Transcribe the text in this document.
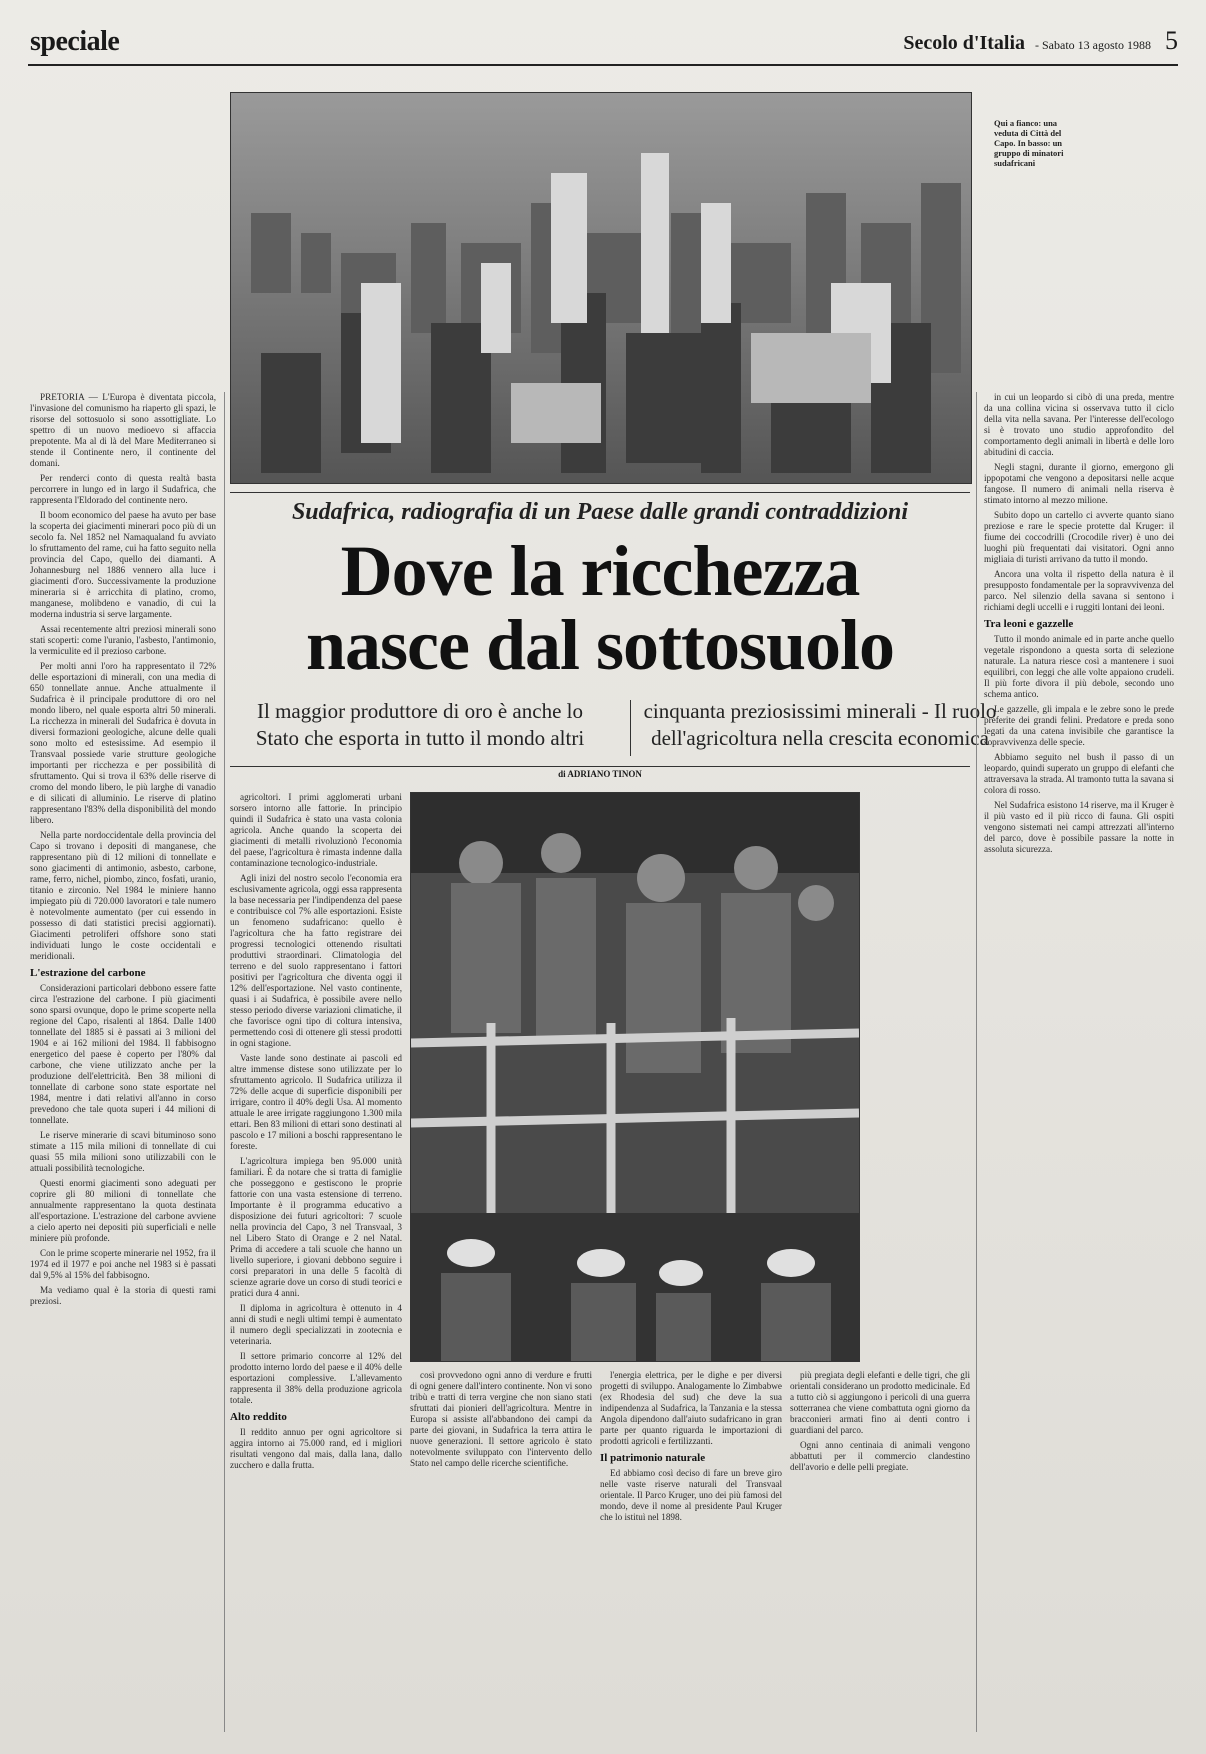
speciale	Secolo d'Italia - Sabato 13 agosto 1988 5
Qui a fianco: una veduta di Città del Capo. In basso: un gruppo di minatori sudafricani
Sudafrica, radiografia di un Paese dalle grandi contraddizioni
Dove la ricchezza
nasce dal sottosuolo
Il maggior produttore di oro è anche lo Stato che esporta in tutto il mondo altri
cinquanta preziosissimi minerali - Il ruolo dell'agricoltura nella crescita economica
di ADRIANO TINON

PRETORIA — L'Europa è diventata piccola, l'invasione del comunismo ha riaperto gli spazi, le risorse del sottosuolo si sono assottigliate. Lo spettro di un nuovo medioevo si affaccia prepotente. Ma al di là del Mare Mediterraneo si stende il Continente nero, il continente del domani.

Per renderci conto di questa realtà basta percorrere in lungo ed in largo il Sudafrica, che rappresenta l'Eldorado del continente nero.

Il boom economico del paese ha avuto per base la scoperta dei giacimenti minerari poco più di un secolo fa. Nel 1852 nel Namaqualand fu avviato lo sfruttamento del rame, cui ha fatto seguito nella provincia del Capo, quello dei diamanti. A Johannesburg nel 1886 vennero alla luce i giacimenti d'oro. Successivamente la produzione mineraria si è arricchita di platino, cromo, manganese, molibdeno e vanadio, di cui la moderna industria si serve largamente.

Assai recentemente altri preziosi minerali sono stati scoperti: come l'uranio, l'asbesto, l'antimonio, la vermiculite ed il prezioso carbone.

Per molti anni l'oro ha rappresentato il 72% delle esportazioni di minerali, con una media di 650 tonnellate annue. Anche attualmente il Sudafrica è il principale produttore di oro nel mondo libero, nel quale esporta altri 50 minerali. La ricchezza in minerali del Sudafrica è dovuta in diversi formazioni geologiche, alcune delle quali sono molto ed estesissime. Ad esempio il Transvaal possiede varie strutture geologiche importanti per ricchezza e per possibilità di sfruttamento. Qui si trova il 63% delle riserve di cromo del mondo libero, le più larghe di vanadio e di silicati di alluminio. Le riserve di platino rappresentano l'83% della disponibilità del mondo libero.

Nella parte nordoccidentale della provincia del Capo si trovano i depositi di manganese, che rappresentano più di 12 milioni di tonnellate e sono giacimenti di antimonio, asbesto, carbone, rame, ferro, nichel, piombo, zinco, fosfati, uranio, titanio e zirconio. Nel 1984 le miniere hanno impiegato più di 720.000 lavoratori e tale numero è notevolmente aumentato (per cui essendo in possesso di dati statistici precisi aggiornati). Giacimenti petroliferi offshore sono stati individuati lungo le coste occidentali e meridionali.

L'estrazione del carbone

Considerazioni particolari debbono essere fatte circa l'estrazione del carbone. I più giacimenti sono sparsi ovunque, dopo le prime scoperte nella regione del Capo, risalenti al 1864. Dalle 1400 tonnellate del 1885 si è passati ai 3 milioni del 1904 e ai 162 milioni del 1984. Il fabbisogno energetico del paese è coperto per l'80% dal carbone, che viene utilizzato anche per la produzione dell'elettricità. Ben 38 milioni di tonnellate di carbone sono state esportate nel 1984, mentre i dati relativi all'anno in corso prevedono che tale quota superi i 44 milioni di tonnellate.

Le riserve minerarie di scavi bituminoso sono stimate a 115 mila milioni di tonnellate di cui quasi 55 mila milioni sono utilizzabili con le attuali possibilità tecnologiche.

Questi enormi giacimenti sono adeguati per coprire gli 80 milioni di tonnellate che annualmente rappresentano la quota destinata all'esportazione. L'estrazione del carbone avviene a cielo aperto nei depositi più superficiali e nelle miniere più profonde.

Con le prime scoperte minerarie nel 1952, fra il 1974 ed il 1977 e poi anche nel 1983 si è passati dal 9,5% al 15% del fabbisogno.

Ma vediamo qual è la storia di questi rami preziosi.

agricoltori. I primi agglomerati urbani sorsero intorno alle fattorie. In principio quindi il Sudafrica è stato una vasta colonia agricola. Anche quando la scoperta dei giacimenti di metalli rivoluzionò l'economia del paese, l'agricoltura è rimasta indenne dalla contaminazione tecnologico-industriale.

Agli inizi del nostro secolo l'economia era esclusivamente agricola, oggi essa rappresenta la base necessaria per l'indipendenza del paese e contribuisce col 7% alle esportazioni. Esiste un fenomeno sudafricano: quello è l'agricoltura che ha fatto registrare dei progressi tecnologici ottenendo risultati produttivi straordinari. Climatologia del terreno e del suolo rappresentano i fattori positivi per l'agricoltura che diventa oggi il 12% dell'esportazione. Nel vasto continente, quasi i ai Sudafrica, è possibile avere nello stesso periodo diverse variazioni climatiche, il che favorisce ogni tipo di coltura intensiva, permettendo così di ottenere gli stessi prodotti in ogni stagione.

Vaste lande sono destinate ai pascoli ed altre immense distese sono utilizzate per lo sfruttamento agricolo. Il Sudafrica utilizza il 72% delle acque di superficie disponibili per irrigare, contro il 40% degli Usa. Al momento attuale le aree irrigate raggiungono 1.300 mila ettari. Ben 83 milioni di ettari sono destinati al pascolo e 17 milioni a boschi rappresentano le foreste.

L'agricoltura impiega ben 95.000 unità familiari. È da notare che si tratta di famiglie che posseggono e gestiscono le proprie fattorie con una vasta estensione di terreno. Importante è il programma educativo a disposizione dei futuri agricoltori: 7 scuole nella provincia del Capo, 3 nel Transvaal, 3 nel Libero Stato di Orange e 2 nel Natal. Prima di accedere a tali scuole che hanno un livello superiore, i giovani debbono seguire i corsi preparatori in una delle 5 facoltà di scienze agrarie dove un corso di studi teorici e pratici dura 4 anni.

Il diploma in agricoltura è ottenuto in 4 anni di studi e negli ultimi tempi è aumentato il numero degli specializzati in zootecnia e veterinaria.

Il settore primario concorre al 12% del prodotto interno lordo del paese e il 40% delle esportazioni complessive. L'allevamento rappresenta il 38% della produzione agricola totale.

Alto reddito

Il reddito annuo per ogni agricoltore si aggira intorno ai 75.000 rand, ed i migliori risultati vengono dal mais, dalla lana, dallo zucchero e dalla frutta.

così provvedono ogni anno di verdure e frutti di ogni genere dall'intero continente. Non vi sono tribù e tratti di terra vergine che non siano stati sfruttati dai pionieri dell'agricoltura. Mentre in Europa si assiste all'abbandono dei campi da parte dei giovani, in Sudafrica la terra attira le nuove generazioni. Il settore agricolo è stato notevolmente sviluppato con l'intervento dello Stato nel campo delle ricerche scientifiche.

l'energia elettrica, per le dighe e per diversi progetti di sviluppo. Analogamente lo Zimbabwe (ex Rhodesia del sud) che deve la sua indipendenza al Sudafrica, la Tanzania e la stessa Angola dipendono dall'aiuto sudafricano in gran parte per quanto riguarda le importazioni di prodotti agricoli e fertilizzanti.

Il patrimonio naturale

Ed abbiamo così deciso di fare un breve giro nelle vaste riserve naturali del Transvaal orientale. Il Parco Kruger, uno dei più famosi del mondo, deve il nome al presidente Paul Kruger che lo istituì nel 1898.

più pregiata degli elefanti e delle tigri, che gli orientali considerano un prodotto medicinale. Ed a tutto ciò si aggiungono i pericoli di una guerra sotterranea che viene combattuta ogni giorno da bracconieri armati fino ai denti contro i guardiani del parco.

Ogni anno centinaia di animali vengono abbattuti per il commercio clandestino dell'avorio e delle pelli pregiate.

in cui un leopardo si cibò di una preda, mentre da una collina vicina si osservava tutto il ciclo della vita nella savana. Per l'interesse dell'ecologo si è trovato uno studio approfondito del comportamento degli animali in libertà e delle loro abitudini di caccia.

Negli stagni, durante il giorno, emergono gli ippopotami che vengono a depositarsi nelle acque fangose. Il numero di animali nella riserva è stimato intorno al mezzo milione.

Subito dopo un cartello ci avverte quanto siano preziose e rare le specie protette dal Kruger: il fiume dei coccodrilli (Crocodile river) è uno dei luoghi più frequentati dai visitatori. Ogni anno migliaia di turisti arrivano da tutto il mondo.

Ancora una volta il rispetto della natura è il presupposto fondamentale per la sopravvivenza del parco. Nel silenzio della savana si sentono i richiami degli uccelli e i ruggiti lontani dei leoni.

Tra leoni e gazzelle

Tutto il mondo animale ed in parte anche quello vegetale rispondono a questa sorta di selezione naturale. La natura riesce così a mantenere i suoi equilibri, con leggi che alle volte appaiono crudeli. Il più forte divora il più debole, secondo uno schema antico.

Le gazzelle, gli impala e le zebre sono le prede preferite dei grandi felini. Predatore e preda sono legati da una catena invisibile che garantisce la sopravvivenza delle specie.

Abbiamo seguito nel bush il passo di un leopardo, quindi superato un gruppo di elefanti che attraversava la strada. Al tramonto tutta la savana si colora di rosso.

Nel Sudafrica esistono 14 riserve, ma il Kruger è il più vasto ed il più ricco di fauna. Gli ospiti vengono sistemati nei campi attrezzati all'interno del parco, dove è possibile passare la notte in assoluta sicurezza.
